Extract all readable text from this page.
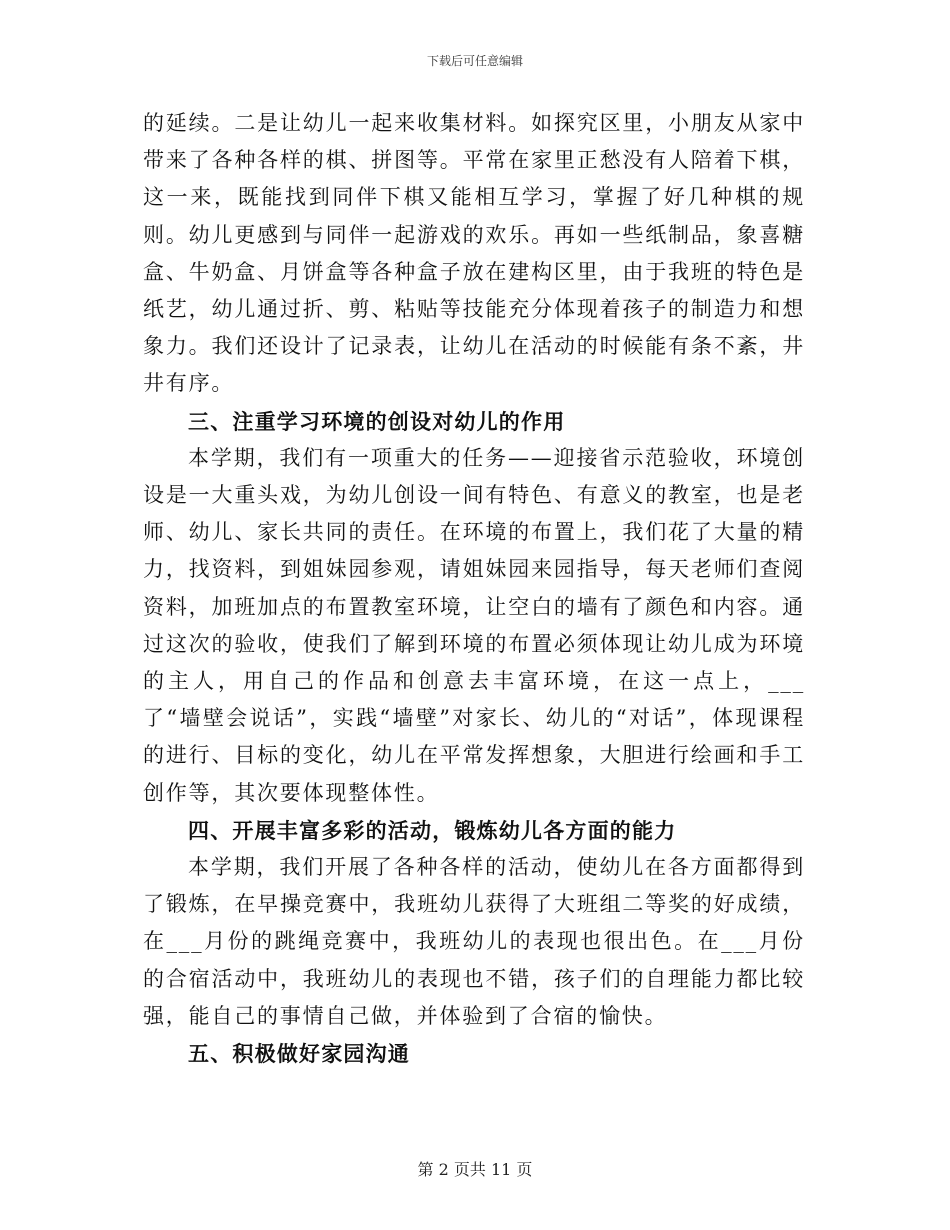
下载后可任意编辑

的延续。二是让幼儿一起来收集材料。如探究区里，小朋友从家中带来了各种各样的棋、拼图等。平常在家里正愁没有人陪着下棋，这一来，既能找到同伴下棋又能相互学习，掌握了好几种棋的规则。幼儿更感到与同伴一起游戏的欢乐。再如一些纸制品，象喜糖盒、牛奶盒、月饼盒等各种盒子放在建构区里，由于我班的特色是纸艺，幼儿通过折、剪、粘贴等技能充分体现着孩子的制造力和想象力。我们还设计了记录表，让幼儿在活动的时候能有条不紊，井井有序。

三、注重学习环境的创设对幼儿的作用

本学期，我们有一项重大的任务——迎接省示范验收，环境创设是一大重头戏，为幼儿创设一间有特色、有意义的教室，也是老师、幼儿、家长共同的责任。在环境的布置上，我们花了大量的精力，找资料，到姐妹园参观，请姐妹园来园指导，每天老师们查阅资料，加班加点的布置教室环境，让空白的墙有了颜色和内容。通过这次的验收，使我们了解到环境的布置必须体现让幼儿成为环境的主人，用自己的作品和创意去丰富环境，在这一点上，___了“墙壁会说话”，实践“墙壁”对家长、幼儿的“对话”，体现课程的进行、目标的变化，幼儿在平常发挥想象，大胆进行绘画和手工创作等，其次要体现整体性。

四、开展丰富多彩的活动，锻炼幼儿各方面的能力

本学期，我们开展了各种各样的活动，使幼儿在各方面都得到了锻炼，在早操竞赛中，我班幼儿获得了大班组二等奖的好成绩，在___月份的跳绳竞赛中，我班幼儿的表现也很出色。在___月份的合宿活动中，我班幼儿的表现也不错，孩子们的自理能力都比较强，能自己的事情自己做，并体验到了合宿的愉快。

五、积极做好家园沟通

第 2 页共 11 页
